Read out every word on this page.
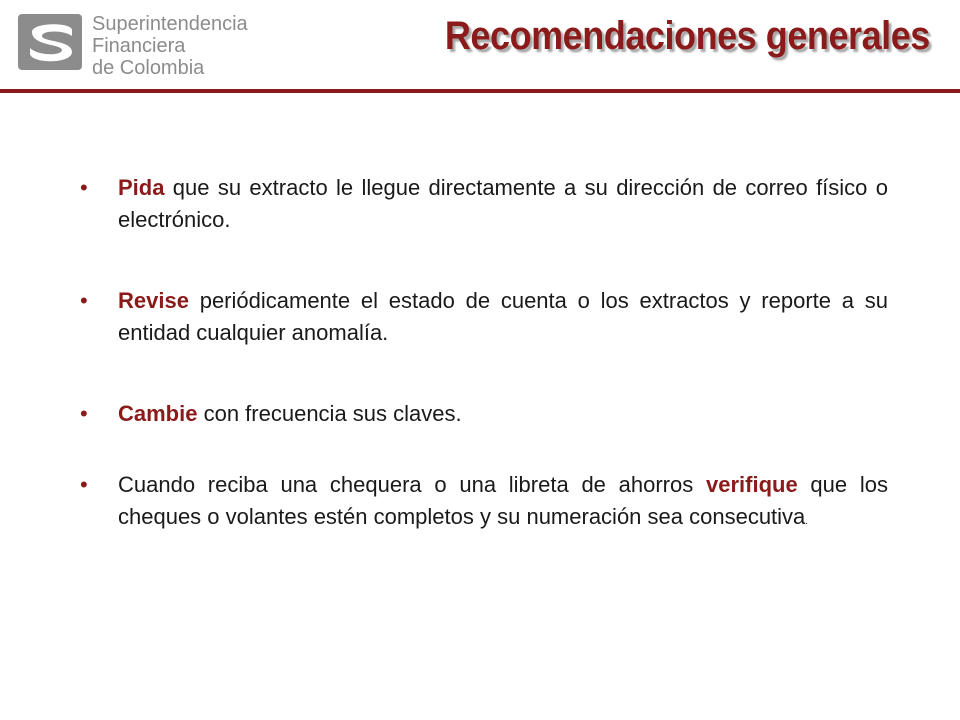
Superintendencia
Financiera
de Colombia
Recomendaciones generales
• Pida que su extracto le llegue directamente a su dirección de correo físico o electrónico.
• Revise periódicamente el estado de cuenta o los extractos y reporte a su entidad cualquier anomalía.
• Cambie con frecuencia sus claves.
• Cuando reciba una chequera o una libreta de ahorros verifique que los cheques o volantes estén completos y su numeración sea consecutiva.
